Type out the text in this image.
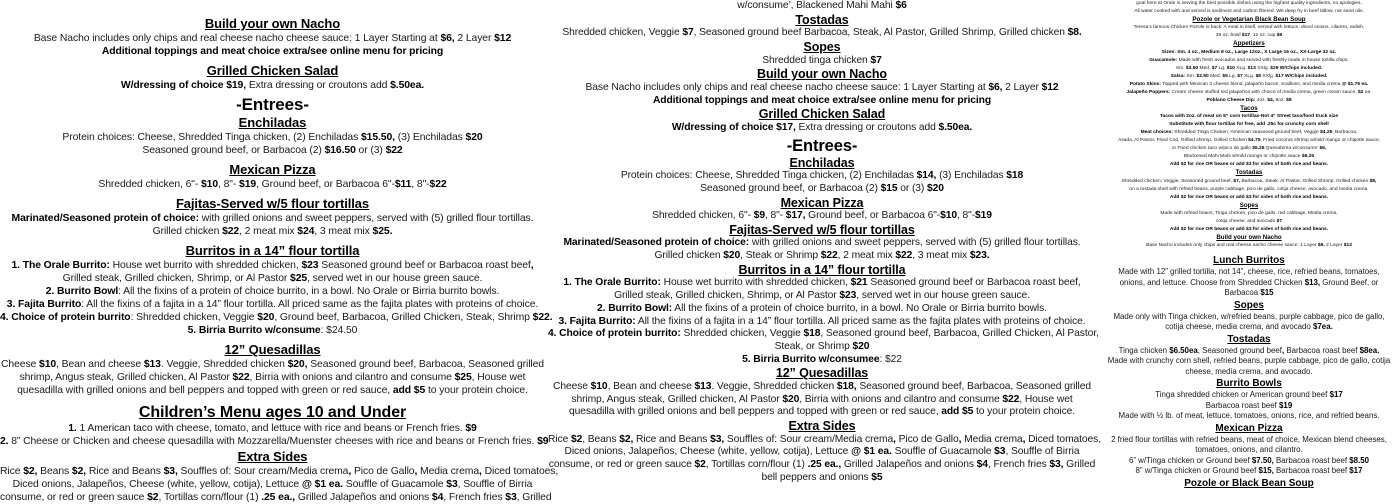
Build your own Nacho
Base Nacho includes only chips and real cheese nacho cheese sauce: 1 Layer Starting at $6, 2 Layer $12
Additional toppings and meat choice extra/see online menu for pricing
Grilled Chicken Salad
W/dressing of choice $19, Extra dressing or croutons add $.50ea.
-Entrees-
Enchiladas
Protein choices: Cheese, Shredded Tinga chicken, (2) Enchiladas $15.50, (3) Enchiladas $20
Seasoned ground beef, or Barbacoa (2) $16.50 or (3) $22
Mexican Pizza
Shredded chicken, 6"- $10, 8"- $19, Ground beef, or Barbacoa 6"-$11, 8"-$22
Fajitas-Served w/5 flour tortillas
Marinated/Seasoned protein of choice: with grilled onions and sweet peppers, served with (5) grilled flour tortillas.
Grilled chicken $22, 2 meat mix $24, 3 meat mix $25.
Burritos in a 14” flour tortilla
1. The Orale Burrito: House wet burrito with shredded chicken, $23 Seasoned ground beef or Barbacoa roast beef,
Grilled steak, Grilled chicken, Shrimp, or Al Pastor $25, served wet in our house green sauce.
2. Burrito Bowl: All the fixins of a protein of choice burrito, in a bowl. No Orale or Birria burrito bowls.
3. Fajita Burrito: All the fixins of a fajita in a 14” flour tortilla. All priced same as the fajita plates with proteins of choice.
4. Choice of protein burrito: Shredded chicken, Veggie $20, Ground beef, Barbacoa, Grilled Chicken, Steak, Shrimp $22.
5. Birria Burrito w/consume: $24.50
12” Quesadillas
Cheese $10, Bean and cheese $13. Veggie, Shredded chicken $20, Seasoned ground beef, Barbacoa, Seasoned grilled
shrimp, Angus steak, Grilled chicken, Al Pastor $22, Birria with onions and cilantro and consume $25, House wet
quesadilla with grilled onions and bell peppers and topped with green or red sauce, add $5 to your protein choice.
Children’s Menu ages 10 and Under
1. 1 American taco with cheese, tomato, and lettuce with rice and beans or French fries. $9
2. 8” Cheese or Chicken and cheese quesadilla with Mozzarella/Muenster cheeses with rice and beans or French fries. $9
Extra Sides
Rice $2, Beans $2, Rice and Beans $3, Souffles of: Sour cream/Media crema, Pico de Gallo, Media crema, Diced tomatoes,
Diced onions, Jalapeños, Cheese (white, yellow, cotija), Lettuce @ $1 ea. Souffle of Guacamole $3, Souffle of Birria
consume, or red or green sauce $2, Tortillas corn/flour (1) .25 ea., Grilled Jalapeños and onions $4, French fries $3, Grilled
w/consume’, Blackened Mahi Mahi $6
Tostadas
Shredded chicken, Veggie $7, Seasoned ground beef Barbacoa, Steak, Al Pastor, Grilled Shrimp, Grilled chicken $8.
Sopes
Shredded tinga chicken $7
Build your own Nacho
Base Nacho includes only chips and real cheese nacho cheese sauce: 1 Layer Starting at $6, 2 Layer $12
Additional toppings and meat choice extra/see online menu for pricing
Grilled Chicken Salad
W/dressing of choice $17, Extra dressing or croutons add $.50ea.
-Entrees-
Enchiladas
Protein choices: Cheese, Shredded Tinga chicken, (2) Enchiladas $14, (3) Enchiladas $18
Seasoned ground beef, or Barbacoa (2) $15 or (3) $20
Mexican Pizza
Shredded chicken, 6"- $9, 8"- $17, Ground beef, or Barbacoa 6"-$10, 8"-$19
Fajitas-Served w/5 flour tortillas
Marinated/Seasoned protein of choice: with grilled onions and sweet peppers, served with (5) grilled flour tortillas.
Grilled chicken $20, Steak or Shrimp $22, 2 meat mix $22, 3 meat mix $23.
Burritos in a 14” flour tortilla
1. The Orale Burrito: House wet burrito with shredded chicken, $21 Seasoned ground beef or Barbacoa roast beef,
Grilled steak, Grilled chicken, Shrimp, or Al Pastor $23, served wet in our house green sauce.
2. Burrito Bowl: All the fixins of a protein of choice burrito, in a bowl. No Orale or Birria burrito bowls.
3. Fajita Burrito: All the fixins of a fajita in a 14” flour tortilla. All priced same as the fajita plates with proteins of choice.
4. Choice of protein burrito: Shredded chicken, Veggie $18, Seasoned ground beef, Barbacoa, Grilled Chicken, Al Pastor,
Steak, or Shrimp $20
5. Birria Burrito w/consumee: $22
12” Quesadillas
Cheese $10, Bean and cheese $13. Veggie, Shredded chicken $18, Seasoned ground beef, Barbacoa, Seasoned grilled
shrimp, Angus steak, Grilled chicken, Al Pastor $20, Birria with onions and cilantro and consume $22, House wet
quesadilla with grilled onions and bell peppers and topped with green or red sauce, add $5 to your protein choice.
Extra Sides
Rice $2, Beans $2, Rice and Beans $3, Souffles of: Sour cream/Media crema, Pico de Gallo, Media crema, Diced tomatoes,
Diced onions, Jalapeños, Cheese (white, yellow, cotija), Lettuce @ $1 ea. Souffle of Guacamole $3, Souffle of Birria
consume, or red or green sauce $2, Tortillas corn/flour (1) .25 ea., Grilled Jalapeños and onions $4, French fries $3, Grilled
bell peppers and onions $5
goal here at Orale is serving the best possible dishes using the highest quality ingredients, no apologies.
All water cooked with and served is sediment and carbon filtered. We deep fry in beef tallow, not seed oils.
Pozole or Vegetarian Black Bean Soup
Teresa’s famous Chicken Pozole is back. A meal in itself, served with lettuce, diced onions, cilantro, radish.
36 oz. bowl $17, 12 oz. cup $6
Appetizers
Sizes: Sm. 4 oz., Medium 8 oz., Large 12oz., X Large 16 oz., XX-Large 32 oz.
Guacamole: Made with fresh avocados and served with freshly made in house tortilla chips.
Sm. $3.50 Med. $7 Lg. $10 XLg. $13 XXlg. $25 W/Chips included.
Salsa: Sm. $2.50 Med. $5 Lg. $7 XLg. $9 XXlg. $17 W/Chips included.
Potato Skins: Topped with Mexican 3 cheese blend, jalapeño bacon, scallions, and media crema @ $1.75 ea.
Jalapeño Poppers: Cream cheese stuffed red jalapeños with choice of media crema, green cream sauce, $2 ea.
Poblano Cheese Dip: 4oz. $4, 8oz. $8
Tacos
Tacos with 2oz. of meat on 5” corn tortillas-Not 4” Street taco/food truck size
Substitute with flour tortillas for free, add .25c for crunchy corn shell
Meat choices: Shredded Tinga Chicken, American seasoned ground beef, Veggie $4.25, Barbacoa,
Asada, Al Pastor, Fried Cod, Grilled shrimp, Grilled Chicken $4.75, Fried coconut shrimp w/mild mango or chipotle sauce,
or Fried chicken taco w/pico de gallo $5.25 Quesabirria w/consume’ $6,
Blackened Mahi Mahi w/mild mango or chipotle sauce $6.25
Add $2 for rice OR beans or add $3 for sides of both rice and beans.
Tostadas
Shredded chicken, Veggie, Seasoned ground beef, $7, Barbacoa, Steak, Al Pastor, Grilled Shrimp, Grilled chicken $8,
on a tostada shell with refried beans, purple cabbage, pico de gallo, cotija cheese, avocado, and media crema.
Add $2 for rice OR beans or add $3 for sides of both rice and beans.
Sopes
Made with refried beans, Tinga chicken, pico de gallo, red cabbage, Media crema,
cotija cheese, and avocado $7
Add $2 for rice OR beans or add $3 for sides of both rice and beans.
Build your own Nacho
Base Nacho includes only chips and real cheese nacho cheese sauce: 1 Layer $6, 2 Layer $12
Lunch Burritos
Made with 12” grilled tortilla, not 14”, cheese, rice, refried beans, tomatoes,
onions, and lettuce. Choose from Shredded Chicken $13, Ground Beef, or
Barbacoa $15
Sopes
Made only with Tinga chicken, w/refried beans, purple cabbage, pico de gallo,
cotija cheese, media crema, and avocado $7ea.
Tostadas
Tinga chicken $6.50ea, Seasoned ground beef, Barbacoa roast beef $8ea.
Made with crunchy corn shell, refried beans, purple cabbage, pico de gallo, cotija
cheese, media crema, and avocado.
Burrito Bowls
Tinga shredded chicken or American ground beef $17
Barbacoa roast beef $19
Made with ½ lb. of meat, lettuce, tomatoes, onions, rice, and refried beans.
Mexican Pizza
2 fried flour tortillas with refried beans, meat of choice, Mexican blend cheeses,
tomatoes, onions, and cilantro.
6” w/Tinga chicken or Ground beef $7.50, Barbacoa roast beef $8.50
8” w/Tinga chicken or Ground beef $15, Barbacoa roast beef $17
Pozole or Black Bean Soup
